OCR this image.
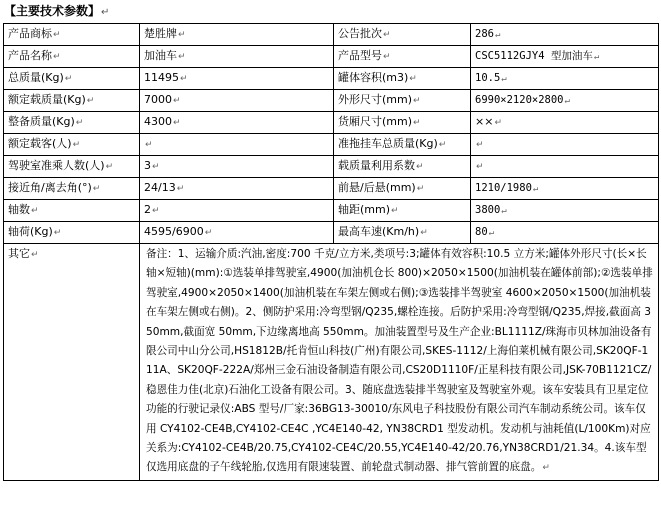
【主要技术参数】↵
产品商标↵	楚胜牌↵	公告批次↵	286↵
产品名称↵	加油车↵	产品型号↵	CSC5112GJY4 型加油车↵
总质量(Kg)↵	11495↵	罐体容积(m3)↵	10.5↵
额定载质量(Kg)↵	7000↵	外形尺寸(mm)↵	6990×2120×2800↵
整备质量(Kg)↵	4300↵	货厢尺寸(mm)↵	××↵
额定载客(人)↵	↵	准拖挂车总质量(Kg)↵	↵
驾驶室准乘人数(人)↵	3↵	载质量利用系数↵	↵
接近角/离去角(°)↵	24/13↵	前悬/后悬(mm)↵	1210/1980↵
轴数↵	2↵	轴距(mm)↵	3800↵
轴荷(Kg)↵	4595/6900↵	最高车速(Km/h)↵	80↵
其它↵	备注：1、运输介质:汽油,密度:700 千克/立方米,类项号:3;罐体有效容积:10.5 立方米;罐体外形尺寸(长×长轴×短轴)(mm):①选装单排驾驶室,4900(加油机仓长 800)×2050×1500(加油机装在罐体前部);②选装单排驾驶室,4900×2050×1400(加油机装在车架左侧或右侧);③选装排半驾驶室 4600×2050×1500(加油机装在车架左侧或右侧)。2、侧防护采用:冷弯型钢/Q235,螺栓连接。后防护采用:冷弯型钢/Q235,焊接,截面高 350mm,截面宽 50mm,下边缘离地高 550mm。加油装置型号及生产企业:BL1111Z/珠海市贝林加油设备有限公司中山分公司,HS1812B/托肯恒山科技(广州)有限公司,SKES-1112/上海伯莱机械有限公司,SK20QF-111A、SK20QF-222A/郑州三金石油设备制造有限公司,CS20D1110F/正星科技有限公司,JSK-70B1121CZ/稳恩佳力佳(北京)石油化工设备有限公司。3、随底盘选装排半驾驶室及驾驶室外观。该车安装具有卫星定位功能的行驶记录仪:ABS 型号/厂家:36BG13-30010/东风电子科技股份有限公司汽车制动系统公司。该车仅用 CY4102-CE4B,CY4102-CE4C ,YC4E140-42, YN38CRD1 型发动机。发动机与油耗值(L/100Km)对应关系为:CY4102-CE4B/20.75,CY4102-CE4C/20.55,YC4E140-42/20.76,YN38CRD1/21.34。4.该车型仅选用底盘的子午线轮胎,仅选用有限速装置、前轮盘式制动器、排气管前置的底盘。↵		
